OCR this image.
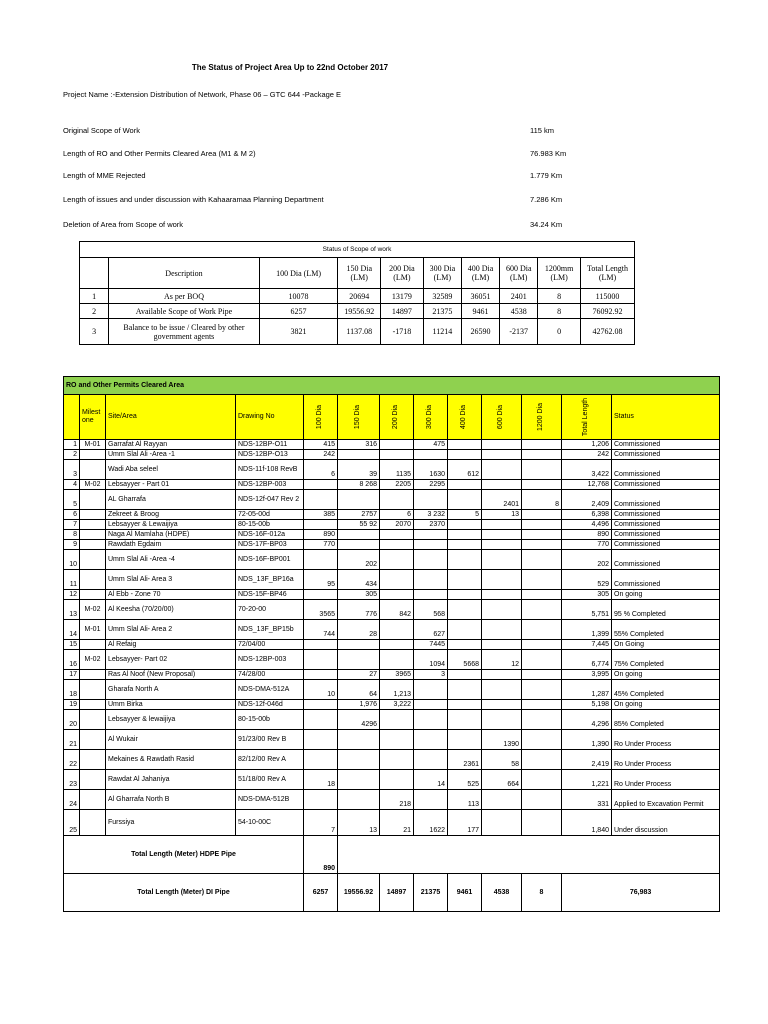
The Status of Project Area Up to 22nd October 2017
Project Name :-Extension Distribution of Network, Phase 06 – GTC 644 -Package E
Original Scope of Work	115 km
Length of RO and Other Permits Cleared Area (M1 & M 2)	76.983 Km
Length of MME Rejected	1.779 Km
Length of issues and under discussion with Kahaaramaa Planning Department	7.286 Km
Deletion of Area from Scope of work	34.24 Km
Status of Scope of work									
	Description	100 Dia (LM)	150 Dia (LM)	200 Dia (LM)	300 Dia (LM)	400 Dia (LM)	600 Dia (LM)	1200mm (LM)	Total Length (LM)
1	As per BOQ	10078	20694	13179	32589	36051	2401	8	115000
2	Available Scope of Work Pipe	6257	19556.92	14897	21375	9461	4538	8	76092.92
3	Balance to be issue / Cleared by other government agents	3821	1137.08	-1718	11214	26590	-2137	0	42762.08
RO and Other Permits Cleared Area												
	Milest one	Site/Area	Drawing No	100 Dia	150 Dia	200 Dia	300 Dia	400 Dia	600 Dia	1200 Dia	Total Length	Status
1	M-01	Garrafat Al Rayyan	NDS-12BP-O11	415	316		475				1,206	Commissioned
2		Umm Slal Ali -Area -1	NDS-12BP-O13	242							242	Commissioned
3		Wadi Aba seleel	NDS-11f-108 RevB	6	39	1135	1630	612			3,422	Commissioned
4	M-02	Lebsayyer - Part 01	NDS-12BP-003		8 268	2205	2295				12,768	Commissioned
5		AL Gharrafa	NDS-12f-047 Rev 2						2401	8	2,409	Commissioned
6		Zekreet & Broog	72-05-00d	385	2757	6	3 232	5	13		6,398	Commissioned
7		Lebsayyer & Lewaijiya	80-15-00b		55 92	2070	2370				4,496	Commissioned
8		Naga Al Mamlaha (HDPE)	NDS-16F-012a	890							890	Commissioned
9		Rawdath Egdaim	NDS-17F-BP03	770							770	Commissioned
10		Umm Slal Ali -Area -4	NDS-16F-BP001		202						202	Commissioned
11		Umm Slal Ali- Area 3	NDS_13F_BP16a	95	434						529	Commissioned
12		Al Ebb - Zone 70	NDS-15F-BP46		305						305	On going
13	M-02	Al Keesha (70/20/00)	70-20-00	3565	776	842	568				5,751	95 % Completed
14	M-01	Umm Slal Ali- Area 2	NDS_13F_BP15b	744	28		627				1,399	55% Completed
15		Al Refaig	72/04/00				7445				7,445	On Going
16	M-02	Lebsayyer- Part 02	NDS-12BP-003				1094	5668	12		6,774	75% Completed
17		Ras Al Noof (New Proposal)	74/28/00		27	3965	3				3,995	On going
18		Gharafa North A	NDS-DMA-512A	10	64	1,213					1,287	45% Completed
19		Umm Birka	NDS-12f-046d		1,976	3,222					5,198	On going
20		Lebsayyer & lewaijiya	80-15-00b		4296						4,296	85% Completed
21		Al Wukair	91/23/00 Rev B						1390		1,390	Ro Under Process
22		Mekaines & Rawdath Rasid	82/12/00 Rev A					2361	58		2,419	Ro Under Process
23		Rawdat Al Jahaniya	51/18/00 Rev A	18			14	525	664		1,221	Ro Under Process
24		Al Gharrafa North B	NDS-DMA-512B			218		113			331	Applied to Excavation Permit
25		Furssiya	54-10-00C	7	13	21	1622	177			1,840	Under discussion
Total Length (Meter) HDPE Pipe				890								
Total Length (Meter) DI Pipe				6257	19556.92	14897	21375	9461	4538	8	76,983	
